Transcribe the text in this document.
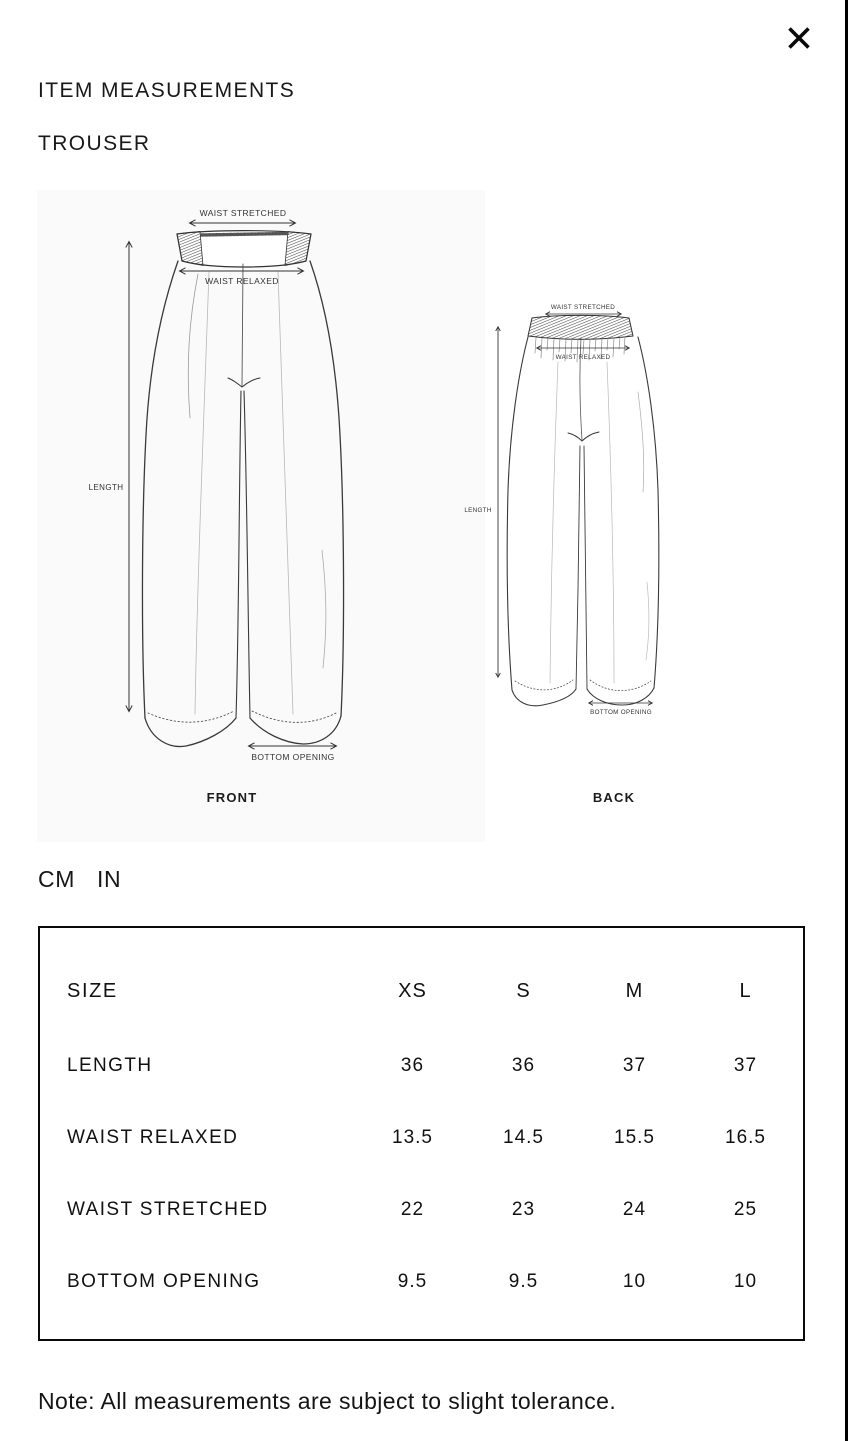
ITEM MEASUREMENTS
TROUSER
WAIST STRETCHED
WAIST RELAXED
LENGTH
BOTTOM OPENING
FRONT
WAIST STRETCHED
WAIST RELAXED
LENGTH
BOTTOM OPENING
BACK
CM IN
SIZE	XS	S	M	L
LENGTH	36	36	37	37
WAIST RELAXED	13.5	14.5	15.5	16.5
WAIST STRETCHED	22	23	24	25
BOTTOM OPENING	9.5	9.5	10	10

Note: All measurements are subject to slight tolerance.
